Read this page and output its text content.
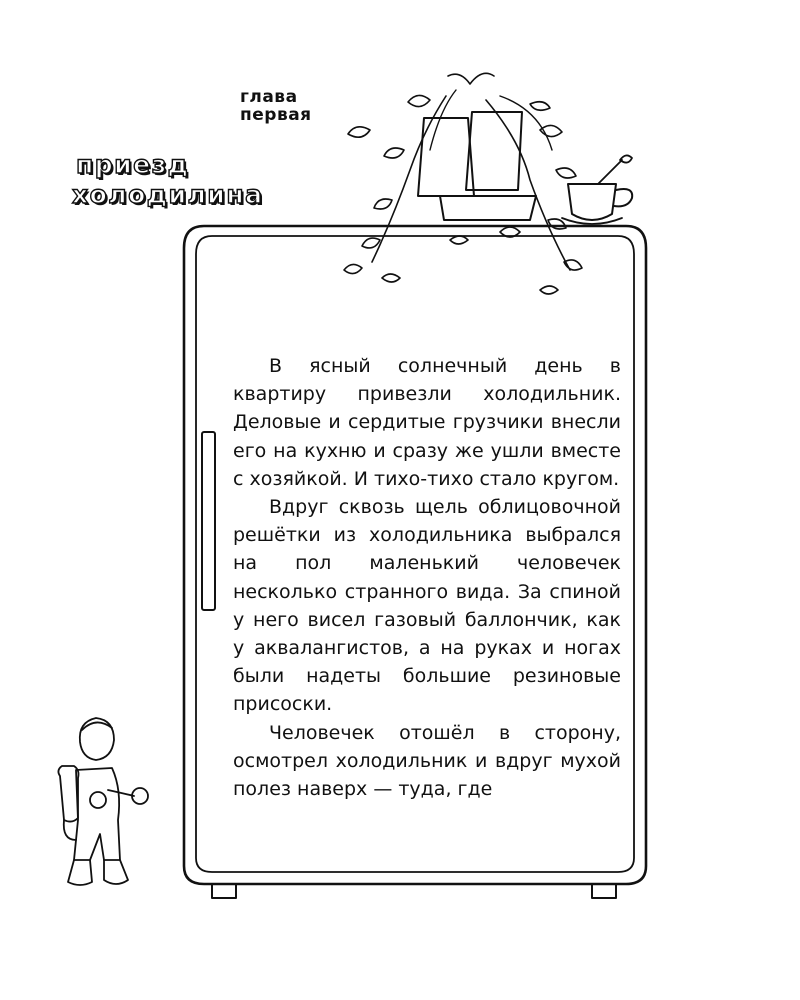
глава
первая
приезд
холодилина

В ясный солнечный день в квартиру привезли холодильник. Деловые и сердитые грузчики внесли его на кухню и сразу же ушли вместе с хозяйкой. И тихо-тихо стало кругом.

Вдруг сквозь щель облицовочной решётки из холодильника выбрался на пол маленький человечек несколько странного вида. За спиной у него висел газовый баллончик, как у аквалангистов, а на руках и ногах были надеты большие резиновые присоски.

Человечек отошёл в сторону, осмотрел холодильник и вдруг мухой полез наверх — туда, где
